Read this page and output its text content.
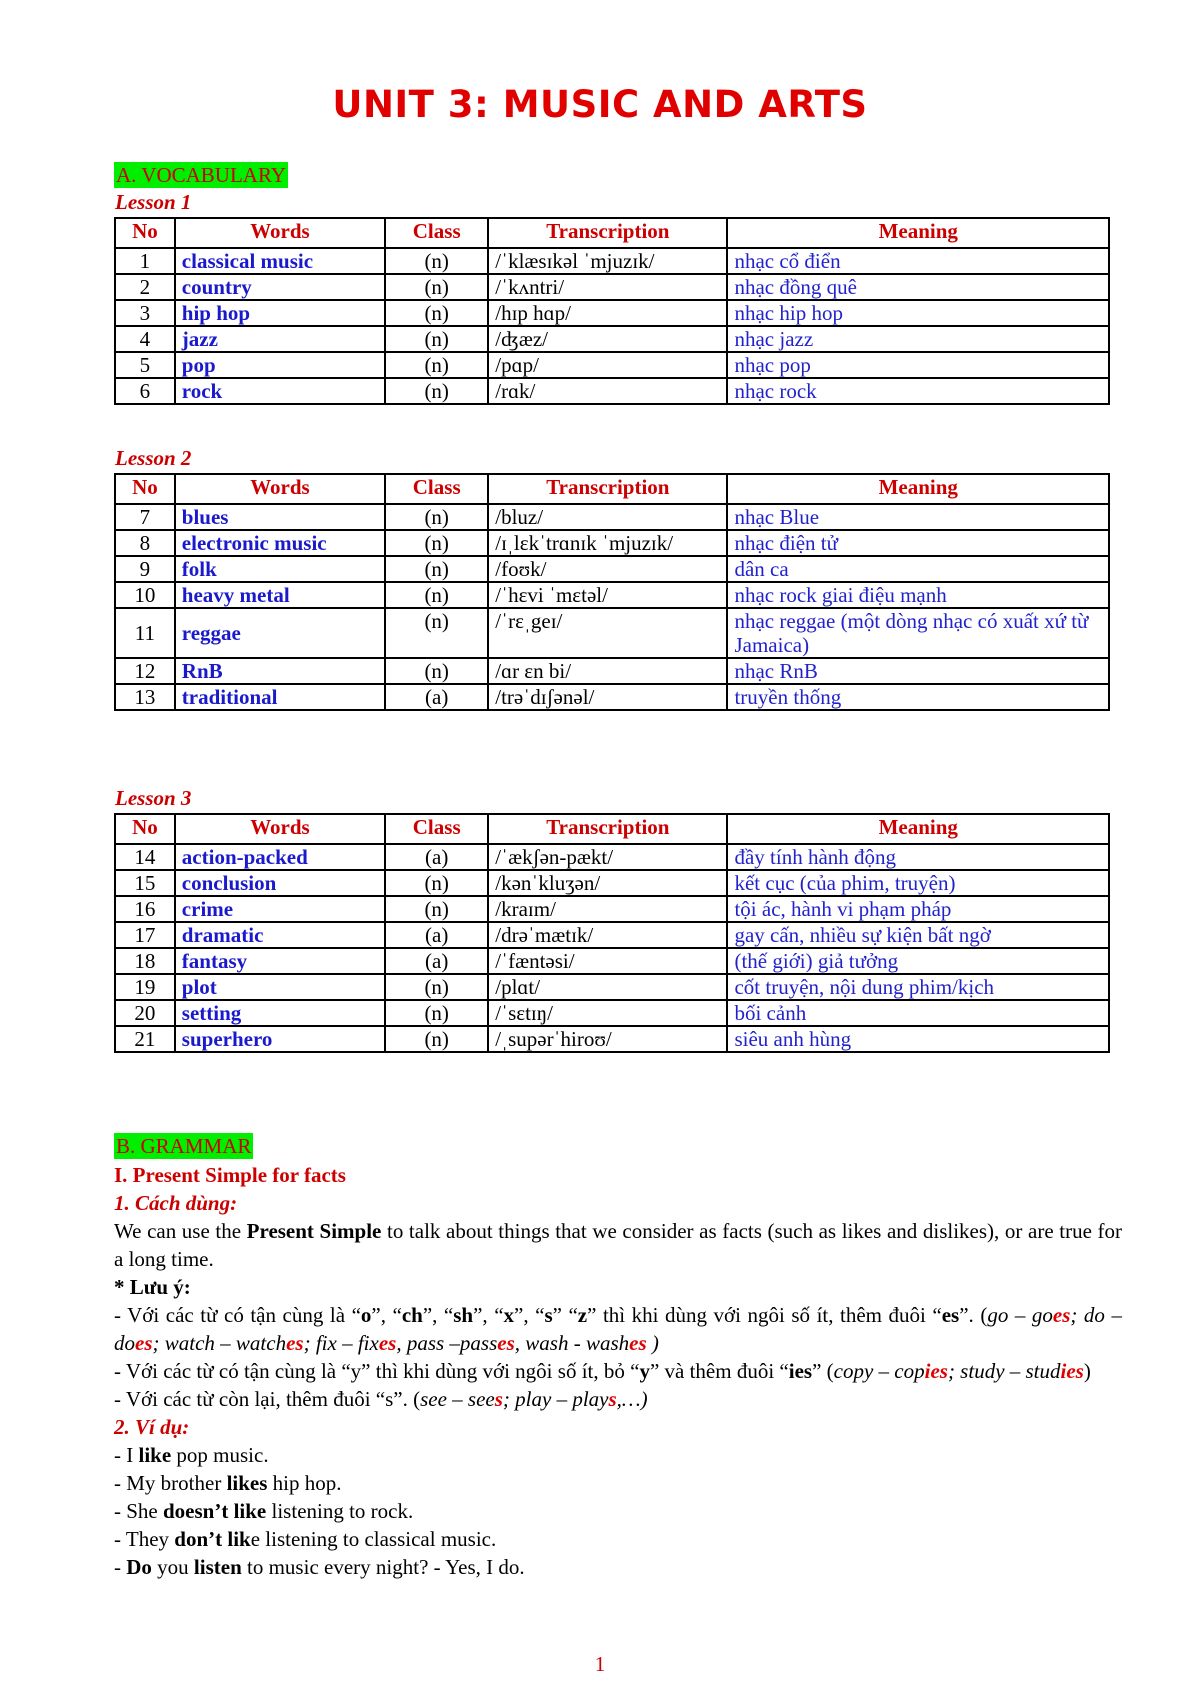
UNIT 3: MUSIC AND ARTS
A. VOCABULARY
Lesson 1
No	Words	Class	Transcription	Meaning
1	classical music	(n)	/ˈklæsɪkəl ˈmjuzɪk/	nhạc cổ điển
2	country	(n)	/ˈkʌntri/	nhạc đồng quê
3	hip hop	(n)	/hɪp hɑp/	nhạc hip hop
4	jazz	(n)	/ʤæz/	nhạc jazz
5	pop	(n)	/pɑp/	nhạc pop
6	rock	(n)	/rɑk/	nhạc rock
Lesson 2
No	Words	Class	Transcription	Meaning
7	blues	(n)	/bluz/	nhạc Blue
8	electronic music	(n)	/ɪˌlɛkˈtrɑnɪk ˈmjuzɪk/	nhạc điện tử
9	folk	(n)	/foʊk/	dân ca
10	heavy metal	(n)	/ˈhɛvi ˈmɛtəl/	nhạc rock giai điệu mạnh
11	reggae	(n)	/ˈrɛˌgeɪ/	nhạc reggae (một dòng nhạc có xuất xứ từ Jamaica)
12	RnB	(n)	/ɑr ɛn bi/	nhạc RnB
13	traditional	(a)	/trəˈdɪʃənəl/	truyền thống
Lesson 3
No	Words	Class	Transcription	Meaning
14	action-packed	(a)	/ˈækʃən-pækt/	đầy tính hành động
15	conclusion	(n)	/kənˈkluʒən/	kết cục (của phim, truyện)
16	crime	(n)	/kraɪm/	tội ác, hành vi phạm pháp
17	dramatic	(a)	/drəˈmætɪk/	gay cấn, nhiều sự kiện bất ngờ
18	fantasy	(a)	/ˈfæntəsi/	(thế giới) giả tưởng
19	plot	(n)	/plɑt/	cốt truyện, nội dung phim/kịch
20	setting	(n)	/ˈsɛtɪŋ/	bối cảnh
21	superhero	(n)	/ˌsupərˈhiroʊ/	siêu anh hùng
B. GRAMMAR

I. Present Simple for facts

1. Cách dùng:

We can use the Present Simple to talk about things that we consider as facts (such as likes and dislikes), or are true for a long time.

* Lưu ý:

- Với các từ có tận cùng là “o”, “ch”, “sh”, “x”, “s” “z” thì khi dùng với ngôi số ít, thêm đuôi “es”. (go – goes; do – does; watch – watches; fix – fixes, pass –passes, wash - washes )

- Với các từ có tận cùng là “y” thì khi dùng với ngôi số ít, bỏ “y” và thêm đuôi “ies” (copy – copies; study – studies)

- Với các từ còn lại, thêm đuôi “s”. (see – sees; play – plays,…)

2. Ví dụ:

- I like pop music.

- My brother likes hip hop.

- She doesn’t like listening to rock.

- They don’t like listening to classical music.

- Do you listen to music every night? - Yes, I do.

1
